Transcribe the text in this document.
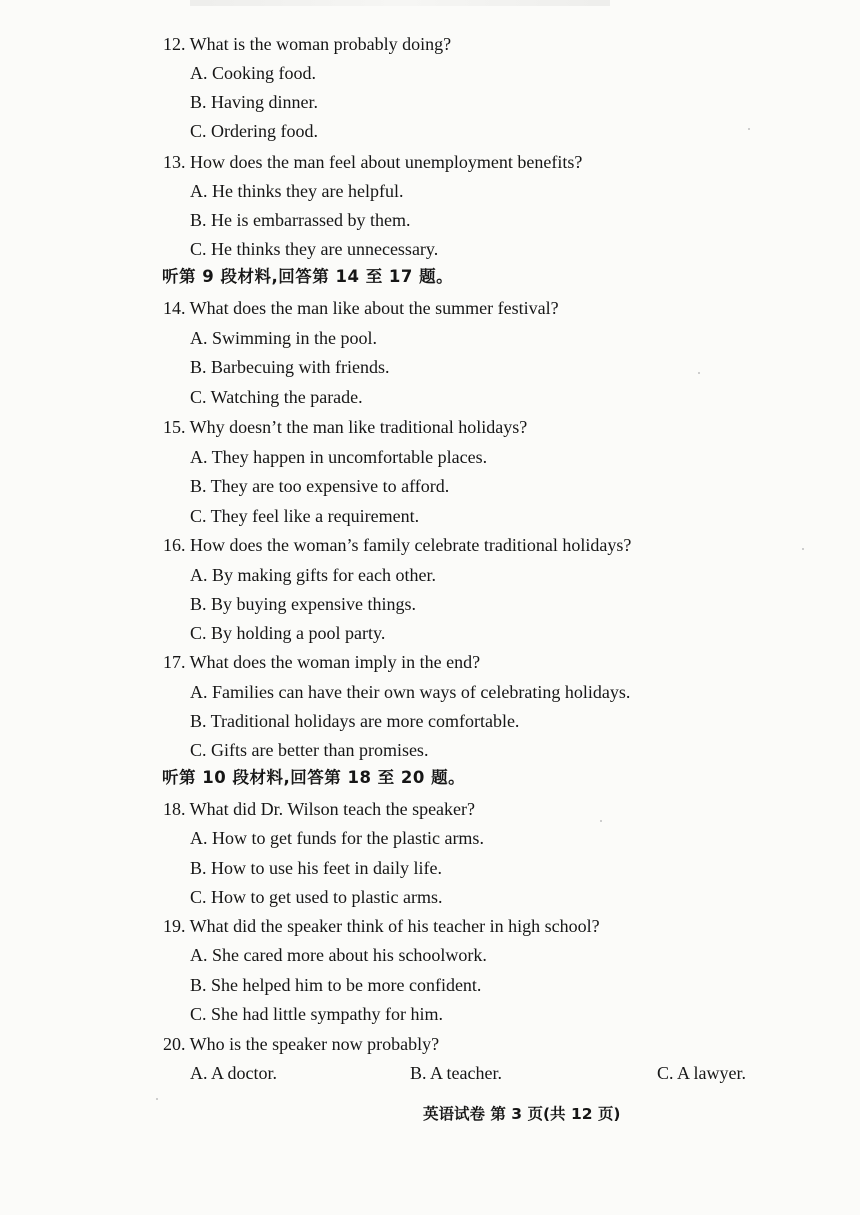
12. What is the woman probably doing?
A. Cooking food.
B. Having dinner.
C. Ordering food.
13. How does the man feel about unemployment benefits?
A. He thinks they are helpful.
B. He is embarrassed by them.
C. He thinks they are unnecessary.
听第 9 段材料,回答第 14 至 17 题。
14. What does the man like about the summer festival?
A. Swimming in the pool.
B. Barbecuing with friends.
C. Watching the parade.
15. Why doesn’t the man like traditional holidays?
A. They happen in uncomfortable places.
B. They are too expensive to afford.
C. They feel like a requirement.
16. How does the woman’s family celebrate traditional holidays?
A. By making gifts for each other.
B. By buying expensive things.
C. By holding a pool party.
17. What does the woman imply in the end?
A. Families can have their own ways of celebrating holidays.
B. Traditional holidays are more comfortable.
C. Gifts are better than promises.
听第 10 段材料,回答第 18 至 20 题。
18. What did Dr. Wilson teach the speaker?
A. How to get funds for the plastic arms.
B. How to use his feet in daily life.
C. How to get used to plastic arms.
19. What did the speaker think of his teacher in high school?
A. She cared more about his schoolwork.
B. She helped him to be more confident.
C. She had little sympathy for him.
20. Who is the speaker now probably?
A. A doctor.	B. A teacher.	C. A lawyer.
英语试卷 第 3 页(共 12 页)
